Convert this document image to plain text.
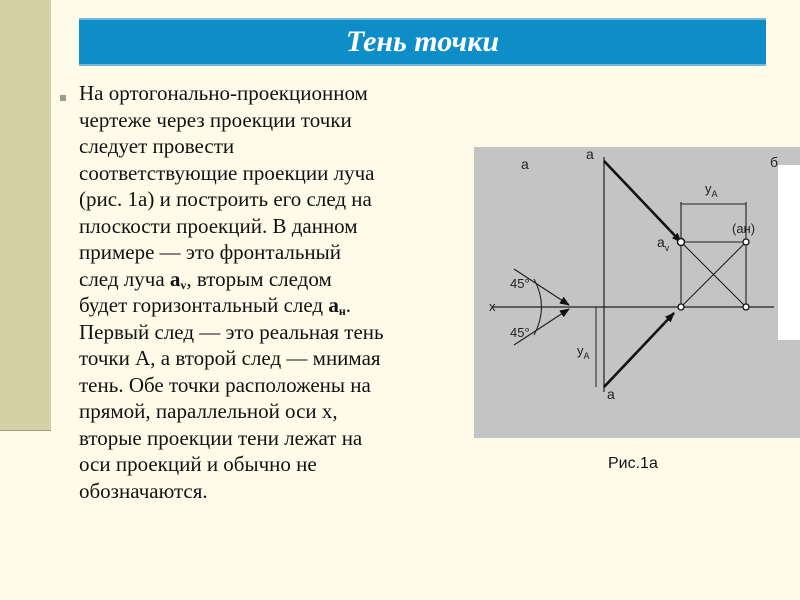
Тень точки
На ортогонально-проекционном
чертеже через проекции точки
следует провести
соответствующие проекции луча
(рис. 1а) и построить его след на
плоскости проекций. В данном
примере — это фронтальный
след луча $a_v$, вторым следом
будет горизонтальный след $a_н$.
Первый след — это реальная тень
точки А, а второй след — мнимая
тень. Обе точки расположены на
прямой, параллельной оси x,
вторые проекции тени лежат на
оси проекций и обычно не
обозначаются.
а	б
a
a
$a_v$
(aн)
x
45°
45°
$y_A$
$y_A$
Рис.1а
